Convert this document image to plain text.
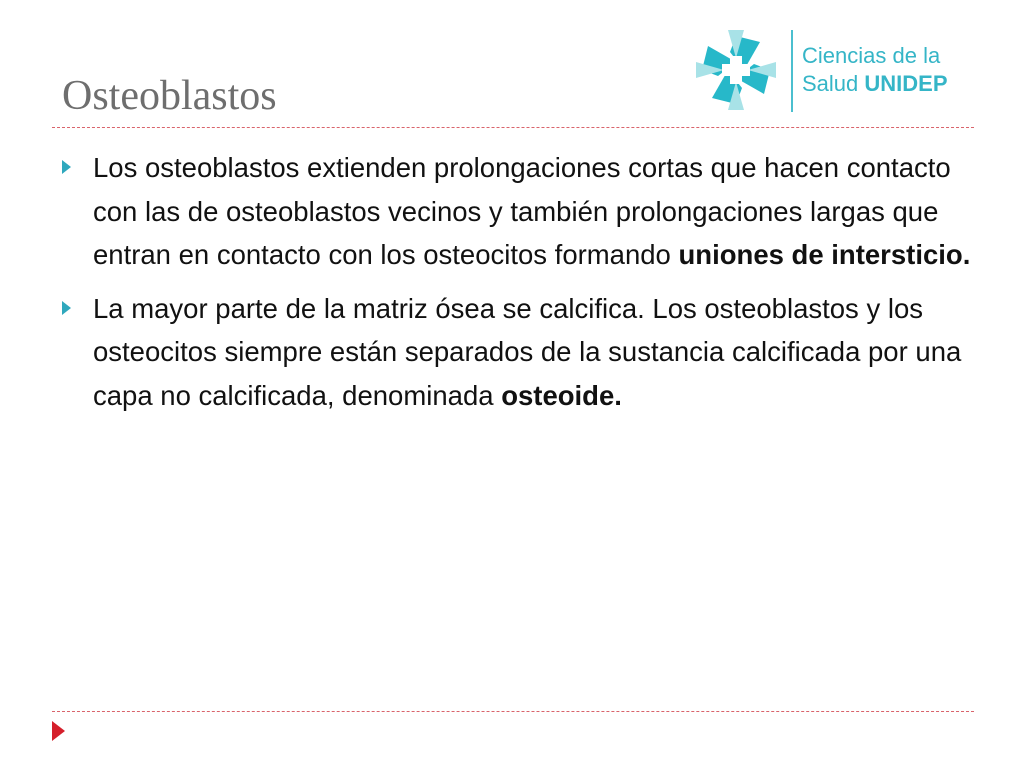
Osteoblastos
Ciencias de la
Salud UNIDEP
Los osteoblastos extienden prolongaciones cortas que hacen contacto con las de osteoblastos vecinos y también prolongaciones largas que entran en contacto con los osteocitos formando uniones de intersticio.
La mayor parte de la matriz ósea se calcifica. Los osteoblastos y los osteocitos siempre están separados de la sustancia calcificada por una capa no calcificada, denominada osteoide.
